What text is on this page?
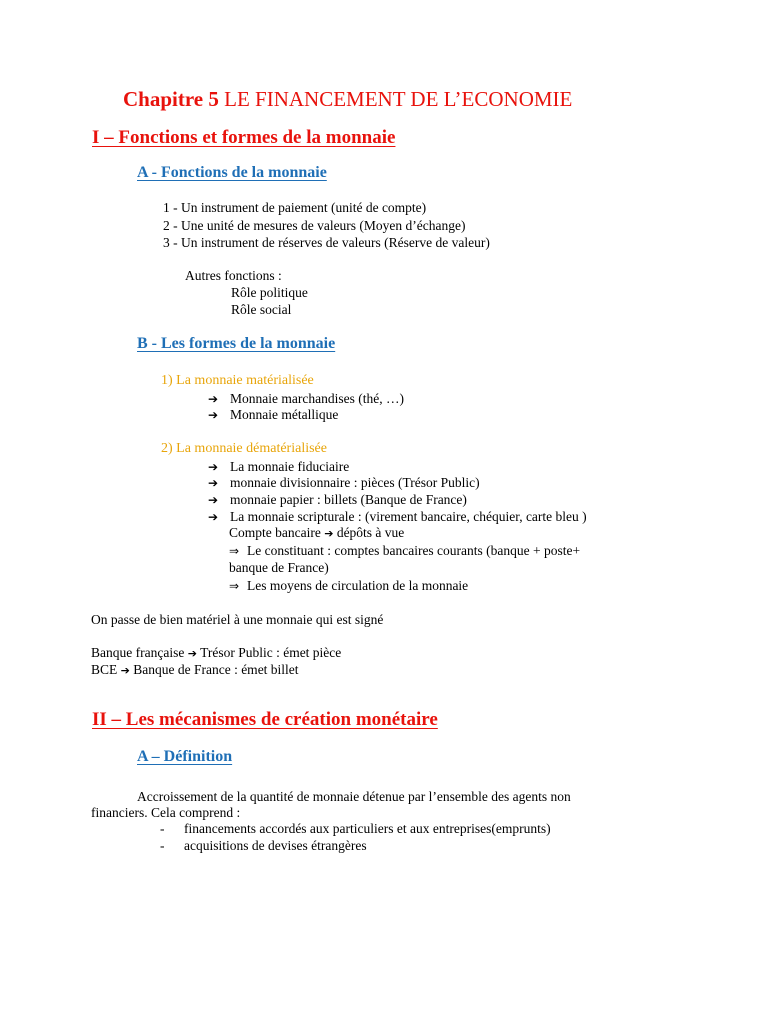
Chapitre 5 LE FINANCEMENT DE L’ECONOMIE
I – Fonctions et formes de la monnaie
A - Fonctions de la monnaie
1 - Un instrument de paiement (unité de compte)
2 - Une unité de mesures de valeurs (Moyen d’échange)
3 - Un instrument de réserves de valeurs (Réserve de valeur)
Autres fonctions :
Rôle politique
Rôle social
B - Les formes de la monnaie
1) La monnaie matérialisée
➔ Monnaie marchandises (thé, …)
➔ Monnaie métallique
2) La monnaie dématérialisée
➔ La monnaie fiduciaire
➔ monnaie divisionnaire : pièces (Trésor Public)
➔ monnaie papier : billets (Banque de France)
➔ La monnaie scripturale : (virement bancaire, chéquier, carte bleu )
Compte bancaire ➔ dépôts à vue
⇒ Le constituant : comptes bancaires courants (banque + poste+
banque de France)
⇒ Les moyens de circulation de la monnaie
On passe de bien matériel à une monnaie qui est signé
Banque française ➔ Trésor Public : émet pièce
BCE ➔ Banque de France : émet billet
II – Les mécanismes de création monétaire
A – Définition
Accroissement de la quantité de monnaie détenue par l’ensemble des agents non
financiers. Cela comprend :
- financements accordés aux particuliers et aux entreprises(emprunts)
- acquisitions de devises étrangères
